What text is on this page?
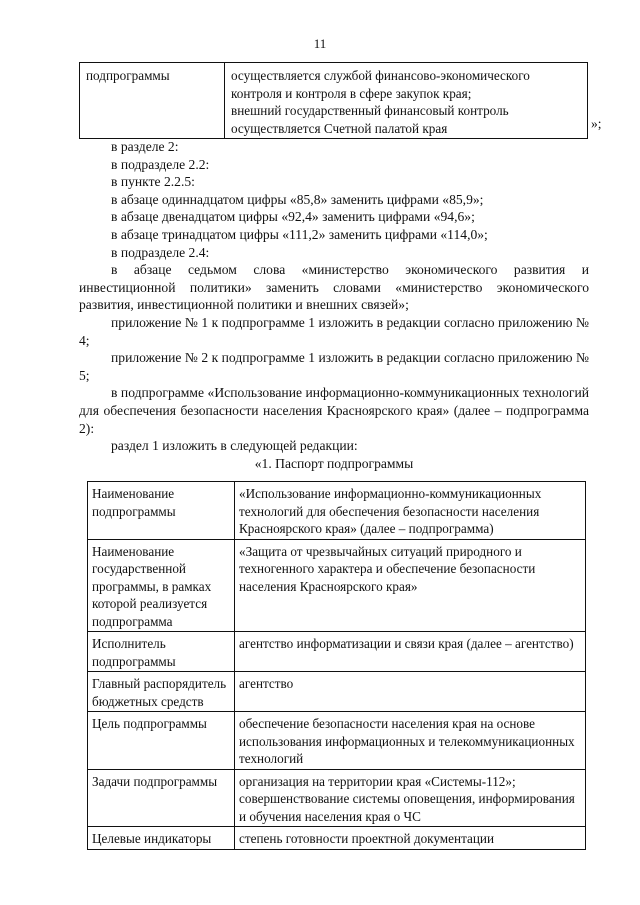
11
подпрограммы	осуществляется службой финансово-экономического
контроля и контроля в сфере закупок края;
внешний государственный финансовый контроль
осуществляется Счетной палатой края	»;

в разделе 2:

в подразделе 2.2:

в пункте 2.2.5:

в абзаце одиннадцатом цифры «85,8» заменить цифрами «85,9»;

в абзаце двенадцатом цифры «92,4» заменить цифрами «94,6»;

в абзаце тринадцатом цифры «111,2» заменить цифрами «114,0»;

в подразделе 2.4:

в абзаце седьмом слова «министерство экономического развития и инвестиционной политики» заменить словами «министерство экономического развития, инвестиционной политики и внешних связей»;

приложение № 1 к подпрограмме 1 изложить в редакции согласно приложению № 4;

приложение № 2 к подпрограмме 1 изложить в редакции согласно приложению № 5;

в подпрограмме «Использование информационно-коммуникационных технологий для обеспечения безопасности населения Красноярского края» (далее – подпрограмма 2):

раздел 1 изложить в следующей редакции:

«1. Паспорт подпрограммы

Наименование подпрограммы	«Использование информационно-коммуникационных технологий для обеспечения безопасности населения Красноярского края» (далее – подпрограмма)
Наименование государственной программы, в рамках которой реализуется подпрограмма	«Защита от чрезвычайных ситуаций природного и техногенного характера и обеспечение безопасности населения Красноярского края»
Исполнитель подпрограммы	агентство информатизации и связи края (далее – агентство)
Главный распорядитель бюджетных средств	агентство
Цель подпрограммы	обеспечение безопасности населения края на основе использования информационных и телекоммуникационных технологий
Задачи подпрограммы	организация на территории края «Системы-112»; совершенствование системы оповещения, информирования и обучения населения края о ЧС
Целевые индикаторы	степень готовности проектной документации
